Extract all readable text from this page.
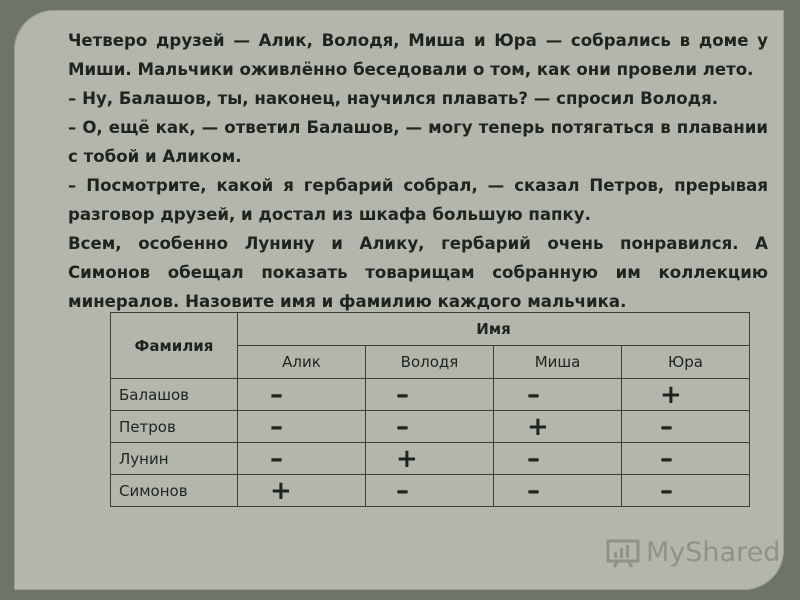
Четверо друзей — Алик, Володя, Миша и Юра — собрались в доме у Миши. Мальчики оживлённо беседовали о том, как они провели лето.

– Ну, Балашов, ты, наконец, научился плавать? — спросил Володя.

– О, ещё как, — ответил Балашов, — могу теперь потягаться в плавании с тобой и Аликом.

– Посмотрите, какой я гербарий собрал, — сказал Петров, прерывая разговор друзей, и достал из шкафа большую папку.

Всем, особенно Лунину и Алику, гербарий очень понравился. А Симонов обещал показать товарищам собранную им коллекцию минералов. Назовите имя и фамилию каждого мальчика.

Фамилия	Имя			
	Алик	Володя	Миша	Юра
Балашов	–	–	–	+
Петров	–	–	+	–
Лунин	–	+	–	–
Симонов	+	–	–	–
MyShared
